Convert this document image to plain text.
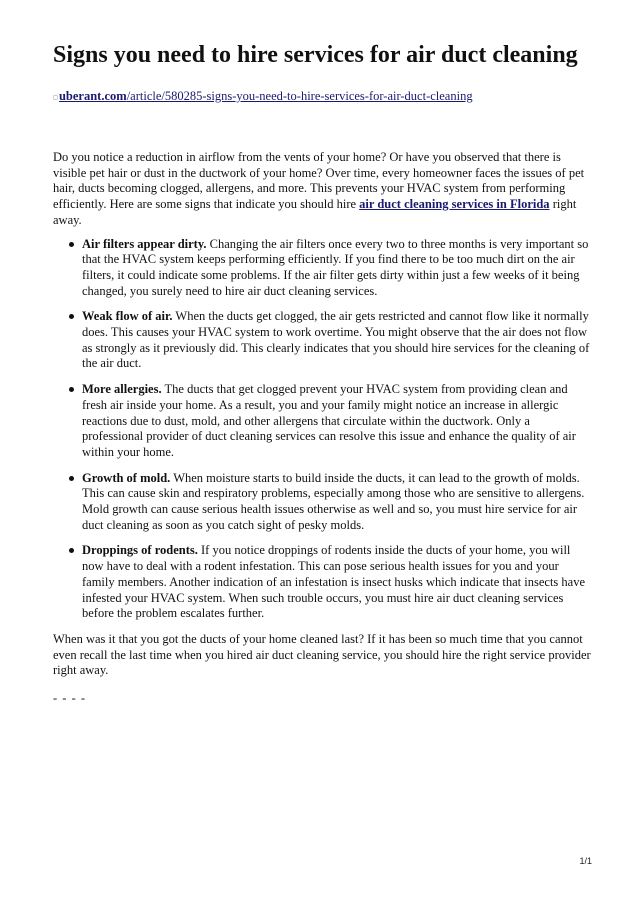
Signs you need to hire services for air duct cleaning
◻uberant.com/article/580285-signs-you-need-to-hire-services-for-air-duct-cleaning

Do you notice a reduction in airflow from the vents of your home? Or have you observed that there is visible pet hair or dust in the ductwork of your home? Over time, every homeowner faces the issues of pet hair, ducts becoming clogged, allergens, and more. This prevents your HVAC system from performing efficiently. Here are some signs that indicate you should hire air duct cleaning services in Florida right away.

Air filters appear dirty. Changing the air filters once every two to three months is very important so that the HVAC system keeps performing efficiently. If you find there to be too much dirt on the air filters, it could indicate some problems. If the air filter gets dirty within just a few weeks of it being changed, you surely need to hire air duct cleaning services.
Weak flow of air. When the ducts get clogged, the air gets restricted and cannot flow like it normally does. This causes your HVAC system to work overtime. You might observe that the air does not flow as strongly as it previously did. This clearly indicates that you should hire services for the cleaning of the air duct.
More allergies. The ducts that get clogged prevent your HVAC system from providing clean and fresh air inside your home. As a result, you and your family might notice an increase in allergic reactions due to dust, mold, and other allergens that circulate within the ductwork. Only a professional provider of duct cleaning services can resolve this issue and enhance the quality of air within your home.
Growth of mold. When moisture starts to build inside the ducts, it can lead to the growth of molds. This can cause skin and respiratory problems, especially among those who are sensitive to allergens. Mold growth can cause serious health issues otherwise as well and so, you must hire service for air duct cleaning as soon as you catch sight of pesky molds.
Droppings of rodents. If you notice droppings of rodents inside the ducts of your home, you will now have to deal with a rodent infestation. This can pose serious health issues for you and your family members. Another indication of an infestation is insect husks which indicate that insects have infested your HVAC system. When such trouble occurs, you must hire air duct cleaning services before the problem escalates further.

When was it that you got the ducts of your home cleaned last? If it has been so much time that you cannot even recall the last time when you hired air duct cleaning service, you should hire the right service provider right away.

- - - -

1/1
